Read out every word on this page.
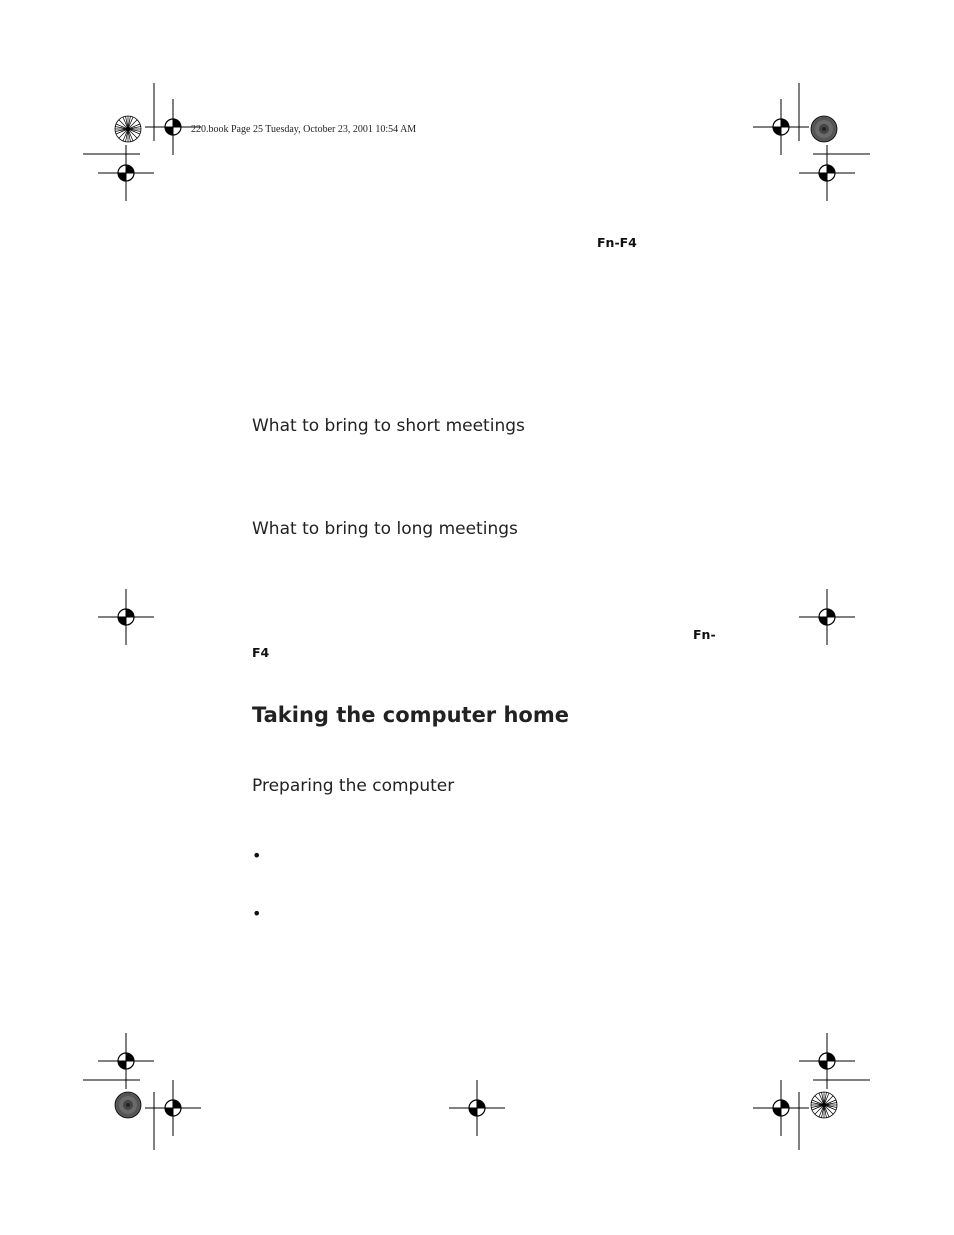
220.book Page 25 Tuesday, October 23, 2001 10:54 AM
Fn-F4
What to bring to short meetings
What to bring to long meetings
Fn-
F4
Taking the computer home
Preparing the computer
•
•
